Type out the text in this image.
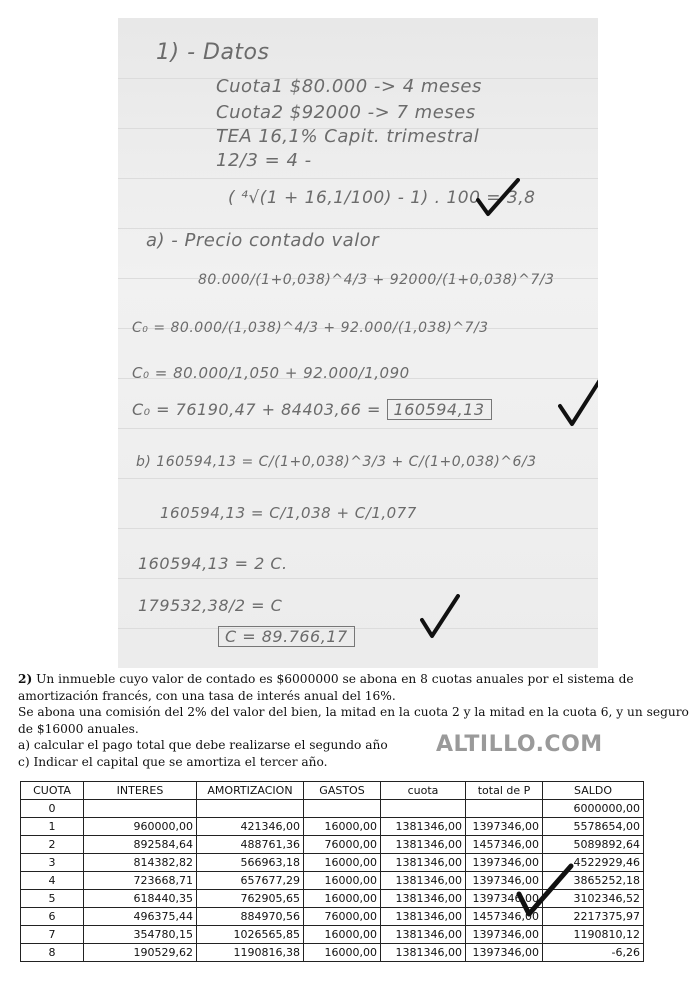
1) - Datos
Cuota1 $80.000 -> 4 meses
Cuota2 $92000 -> 7 meses
TEA 16,1% Capit. trimestral
12/3 = 4 -
( ⁴√(1 + 16,1/100) - 1) . 100 = 3,8
a) - Precio contado valor
80.000/(1+0,038)^4/3 + 92000/(1+0,038)^7/3
C₀ = 80.000/(1,038)^4/3 + 92.000/(1,038)^7/3
C₀ = 80.000/1,050 + 92.000/1,090
C₀ = 76190,47 + 84403,66 = 160594,13
b) 160594,13 = C/(1+0,038)^3/3 + C/(1+0,038)^6/3
160594,13 = C/1,038 + C/1,077
160594,13 = 2 C.
179532,38/2 = C
C = 89.766,17

2) Un inmueble cuyo valor de contado es $6000000 se abona en 8 cuotas anuales por el sistema de amortización francés, con una tasa de interés anual del 16%.

Se abona una comisión del 2% del valor del bien, la mitad en la cuota 2 y la mitad en la cuota 6, y un seguro de $16000 anuales.

a) calcular el pago total que debe realizarse el segundo año

c) Indicar el capital que se amortiza el tercer año.

ALTILLO.COM
CUOTA	INTERES	AMORTIZACION	GASTOS	cuota	total de P	SALDO
0						6000000,00
1	960000,00	421346,00	16000,00	1381346,00	1397346,00	5578654,00
2	892584,64	488761,36	76000,00	1381346,00	1457346,00	5089892,64
3	814382,82	566963,18	16000,00	1381346,00	1397346,00	4522929,46
4	723668,71	657677,29	16000,00	1381346,00	1397346,00	3865252,18
5	618440,35	762905,65	16000,00	1381346,00	1397346,00	3102346,52
6	496375,44	884970,56	76000,00	1381346,00	1457346,00	2217375,97
7	354780,15	1026565,85	16000,00	1381346,00	1397346,00	1190810,12
8	190529,62	1190816,38	16000,00	1381346,00	1397346,00	-6,26
